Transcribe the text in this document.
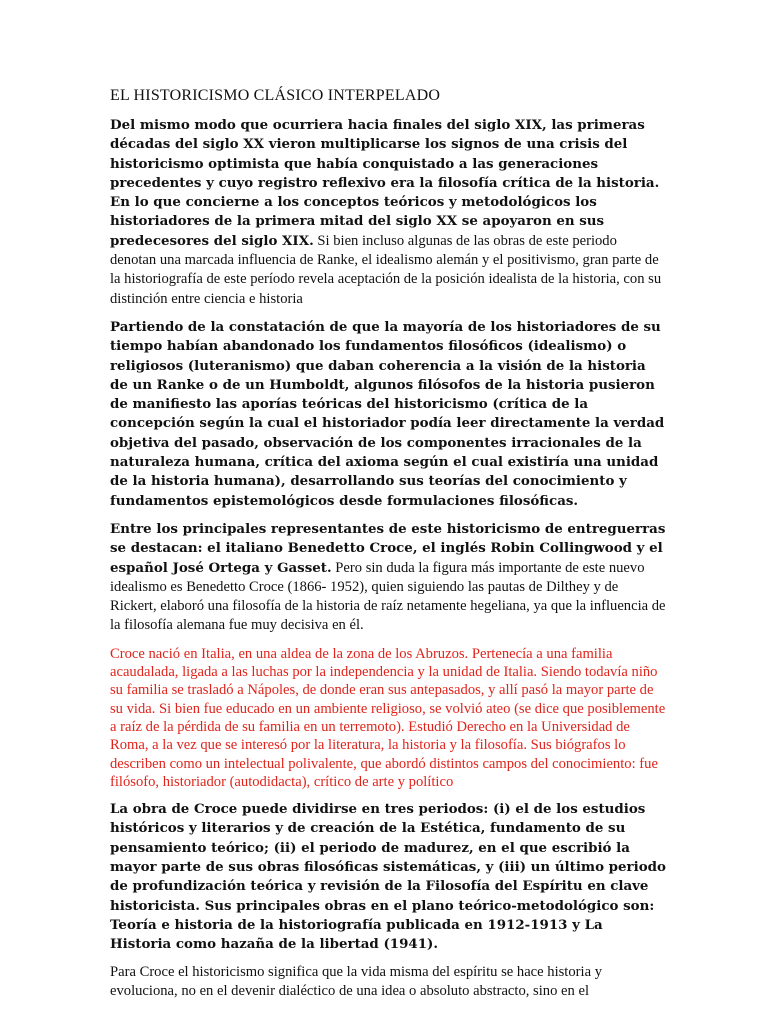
EL HISTORICISMO CLÁSICO INTERPELADO

Del mismo modo que ocurriera hacia finales del siglo XIX, las primeras décadas del siglo XX vieron multiplicarse los signos de una crisis del historicismo optimista que había conquistado a las generaciones precedentes y cuyo registro reflexivo era la filosofía crítica de la historia. En lo que concierne a los conceptos teóricos y metodológicos los historiadores de la primera mitad del siglo XX se apoyaron en sus predecesores del siglo XIX. Si bien incluso algunas de las obras de este periodo denotan una marcada influencia de Ranke, el idealismo alemán y el positivismo, gran parte de la historiografía de este período revela aceptación de la posición idealista de la historia, con su distinción entre ciencia e historia

Partiendo de la constatación de que la mayoría de los historiadores de su tiempo habían abandonado los fundamentos filosóficos (idealismo) o religiosos (luteranismo) que daban coherencia a la visión de la historia de un Ranke o de un Humboldt, algunos filósofos de la historia pusieron de manifiesto las aporías teóricas del historicismo (crítica de la concepción según la cual el historiador podía leer directamente la verdad objetiva del pasado, observación de los componentes irracionales de la naturaleza humana, crítica del axioma según el cual existiría una unidad de la historia humana), desarrollando sus teorías del conocimiento y fundamentos epistemológicos desde formulaciones filosóficas.

Entre los principales representantes de este historicismo de entreguerras se destacan: el italiano Benedetto Croce, el inglés Robin Collingwood y el español José Ortega y Gasset. Pero sin duda la figura más importante de este nuevo idealismo es Benedetto Croce (1866- 1952), quien siguiendo las pautas de Dilthey y de Rickert, elaboró una filosofía de la historia de raíz netamente hegeliana, ya que la influencia de la filosofía alemana fue muy decisiva en él.

Croce nació en Italia, en una aldea de la zona de los Abruzos. Pertenecía a una familia acaudalada, ligada a las luchas por la independencia y la unidad de Italia. Siendo todavía niño su familia se trasladó a Nápoles, de donde eran sus antepasados, y allí pasó la mayor parte de su vida. Si bien fue educado en un ambiente religioso, se volvió ateo (se dice que posiblemente a raíz de la pérdida de su familia en un terremoto). Estudió Derecho en la Universidad de Roma, a la vez que se interesó por la literatura, la historia y la filosofía. Sus biógrafos lo describen como un intelectual polivalente, que abordó distintos campos del conocimiento: fue filósofo, historiador (autodidacta), crítico de arte y político

La obra de Croce puede dividirse en tres periodos: (i) el de los estudios históricos y literarios y de creación de la Estética, fundamento de su pensamiento teórico; (ii) el periodo de madurez, en el que escribió la mayor parte de sus obras filosóficas sistemáticas, y (iii) un último periodo de profundización teórica y revisión de la Filosofía del Espíritu en clave historicista. Sus principales obras en el plano teórico-metodológico son: Teoría e historia de la historiografía publicada en 1912-1913 y La Historia como hazaña de la libertad (1941).

Para Croce el historicismo significa que la vida misma del espíritu se hace historia y evoluciona, no en el devenir dialéctico de una idea o absoluto abstracto, sino en el
